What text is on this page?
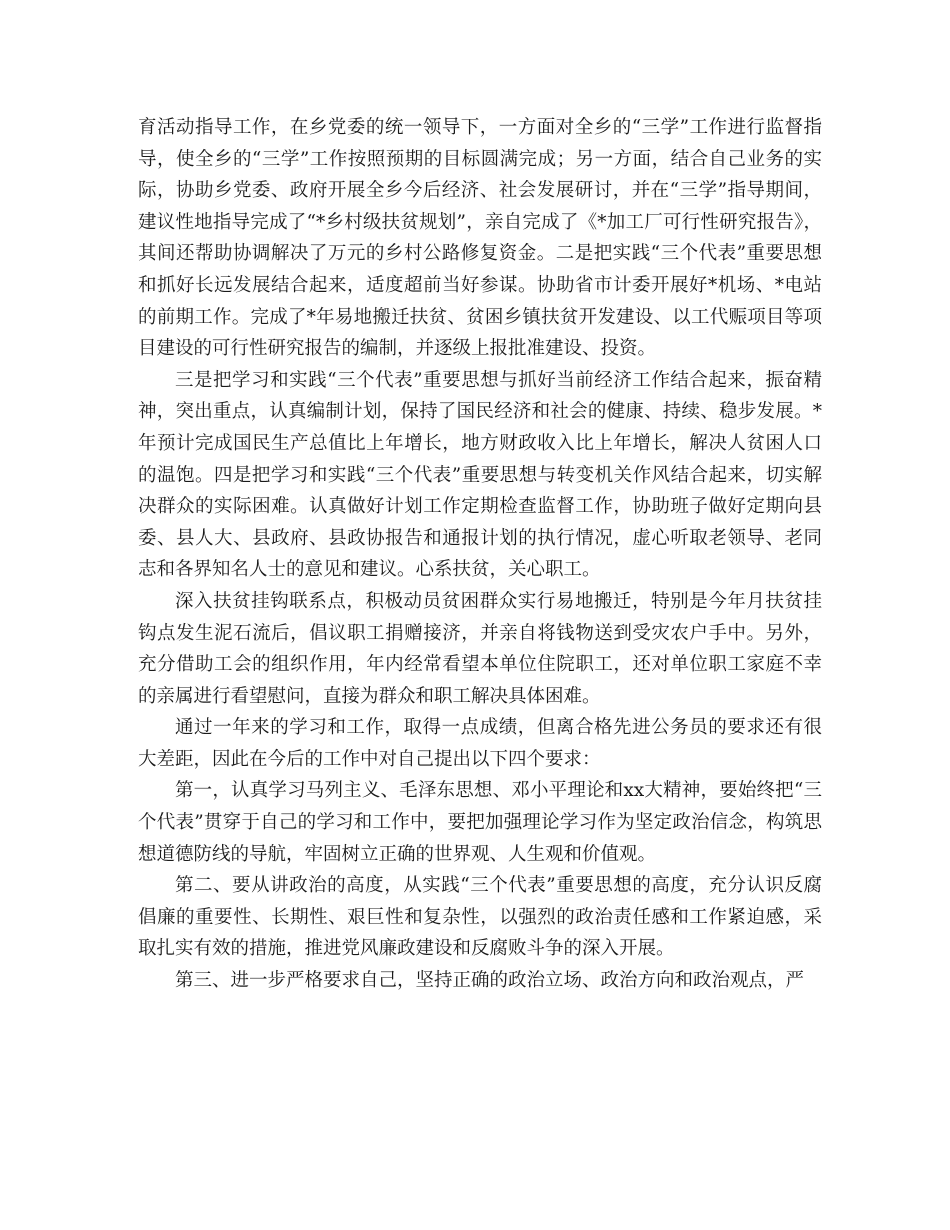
育活动指导工作，在乡党委的统一领导下，一方面对全乡的“三学”工作进行监督指导，使全乡的“三学”工作按照预期的目标圆满完成；另一方面，结合自己业务的实际，协助乡党委、政府开展全乡今后经济、社会发展研讨，并在“三学”指导期间，建议性地指导完成了“*乡村级扶贫规划”，亲自完成了《*加工厂可行性研究报告》，其间还帮助协调解决了万元的乡村公路修复资金。二是把实践“三个代表”重要思想和抓好长远发展结合起来，适度超前当好参谋。协助省市计委开展好*机场、*电站的前期工作。完成了*年易地搬迁扶贫、贫困乡镇扶贫开发建设、以工代赈项目等项目建设的可行性研究报告的编制，并逐级上报批准建设、投资。

三是把学习和实践“三个代表”重要思想与抓好当前经济工作结合起来，振奋精神，突出重点，认真编制计划，保持了国民经济和社会的健康、持续、稳步发展。*年预计完成国民生产总值比上年增长，地方财政收入比上年增长，解决人贫困人口的温饱。四是把学习和实践“三个代表”重要思想与转变机关作风结合起来，切实解决群众的实际困难。认真做好计划工作定期检查监督工作，协助班子做好定期向县委、县人大、县政府、县政协报告和通报计划的执行情况，虚心听取老领导、老同志和各界知名人士的意见和建议。心系扶贫，关心职工。

深入扶贫挂钩联系点，积极动员贫困群众实行易地搬迁，特别是今年月扶贫挂钩点发生泥石流后，倡议职工捐赠接济，并亲自将钱物送到受灾农户手中。另外，充分借助工会的组织作用，年内经常看望本单位住院职工，还对单位职工家庭不幸的亲属进行看望慰问，直接为群众和职工解决具体困难。

通过一年来的学习和工作，取得一点成绩，但离合格先进公务员的要求还有很大差距，因此在今后的工作中对自己提出以下四个要求：

第一，认真学习马列主义、毛泽东思想、邓小平理论和xx大精神，要始终把“三个代表”贯穿于自己的学习和工作中，要把加强理论学习作为坚定政治信念，构筑思想道德防线的导航，牢固树立正确的世界观、人生观和价值观。

第二、要从讲政治的高度，从实践“三个代表”重要思想的高度，充分认识反腐倡廉的重要性、长期性、艰巨性和复杂性，以强烈的政治责任感和工作紧迫感，采取扎实有效的措施，推进党风廉政建设和反腐败斗争的深入开展。

第三、进一步严格要求自己，坚持正确的政治立场、政治方向和政治观点，严
